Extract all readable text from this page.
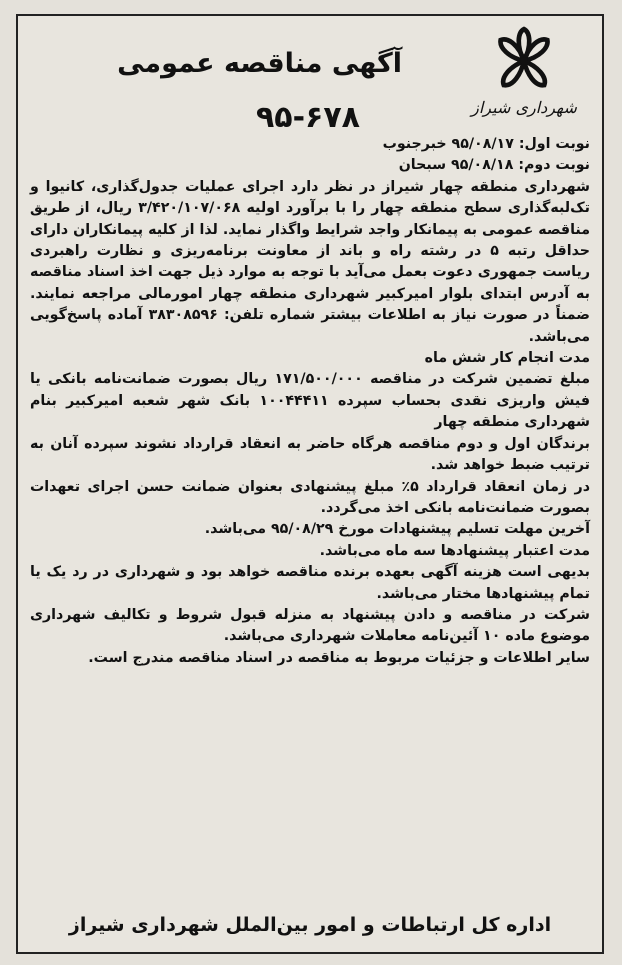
آگهی مناقصه عمومی
۹۵-۶۷۸	شهرداری شیراز

نوبت اول: ۹۵/۰۸/۱۷ خبرجنوب

نوبت دوم: ۹۵/۰۸/۱۸ سبحان

شهرداری منطقه چهار شیراز در نظر دارد اجرای عملیات جدول‌گذاری، کانیوا و تک‌لبه‌گذاری سطح منطقه چهار را با برآورد اولیه ۳/۴۲۰/۱۰۷/۰۶۸ ریال، از طریق مناقصه عمومی به پیمانکار واجد شرایط واگذار نماید. لذا از کلیه پیمانکاران دارای حداقل رتبه ۵ در رشته راه و باند از معاونت برنامه‌ریزی و نظارت راهبردی ریاست جمهوری دعوت بعمل می‌آید با توجه به موارد ذیل جهت اخذ اسناد مناقصه به آدرس ابتدای بلوار امیرکبیر شهرداری منطقه چهار امورمالی مراجعه نمایند. ضمناً در صورت نیاز به اطلاعات بیشتر شماره تلفن: ۳۸۳۰۸۵۹۶ آماده پاسخ‌گویی می‌باشد.

مدت انجام کار شش ماه

مبلغ تضمین شرکت در مناقصه ۱۷۱/۵۰۰/۰۰۰ ریال بصورت ضمانت‌نامه بانکی یا فیش واریزی نقدی بحساب سپرده ۱۰۰۴۴۴۱۱ بانک شهر شعبه امیرکبیر بنام شهرداری منطقه چهار

برندگان اول و دوم مناقصه هرگاه حاضر به انعقاد قرارداد نشوند سپرده آنان به ترتیب ضبط خواهد شد.

در زمان انعقاد قرارداد ۵٪ مبلغ پیشنهادی بعنوان ضمانت حسن اجرای تعهدات بصورت ضمانت‌نامه بانکی اخذ می‌گردد.

آخرین مهلت تسلیم پیشنهادات مورخ ۹۵/۰۸/۲۹ می‌باشد.

مدت اعتبار پیشنهادها سه ماه می‌باشد.

بدیهی است هزینه آگهی بعهده برنده مناقصه خواهد بود و شهرداری در رد یک یا تمام پیشنهادها مختار می‌باشد.

شرکت در مناقصه و دادن پیشنهاد به منزله قبول شروط و تکالیف شهرداری موضوع ماده ۱۰ آئین‌نامه معاملات شهرداری می‌باشد.

سایر اطلاعات و جزئیات مربوط به مناقصه در اسناد مناقصه مندرج است.

اداره کل ارتباطات و امور بین‌الملل شهرداری شیراز
